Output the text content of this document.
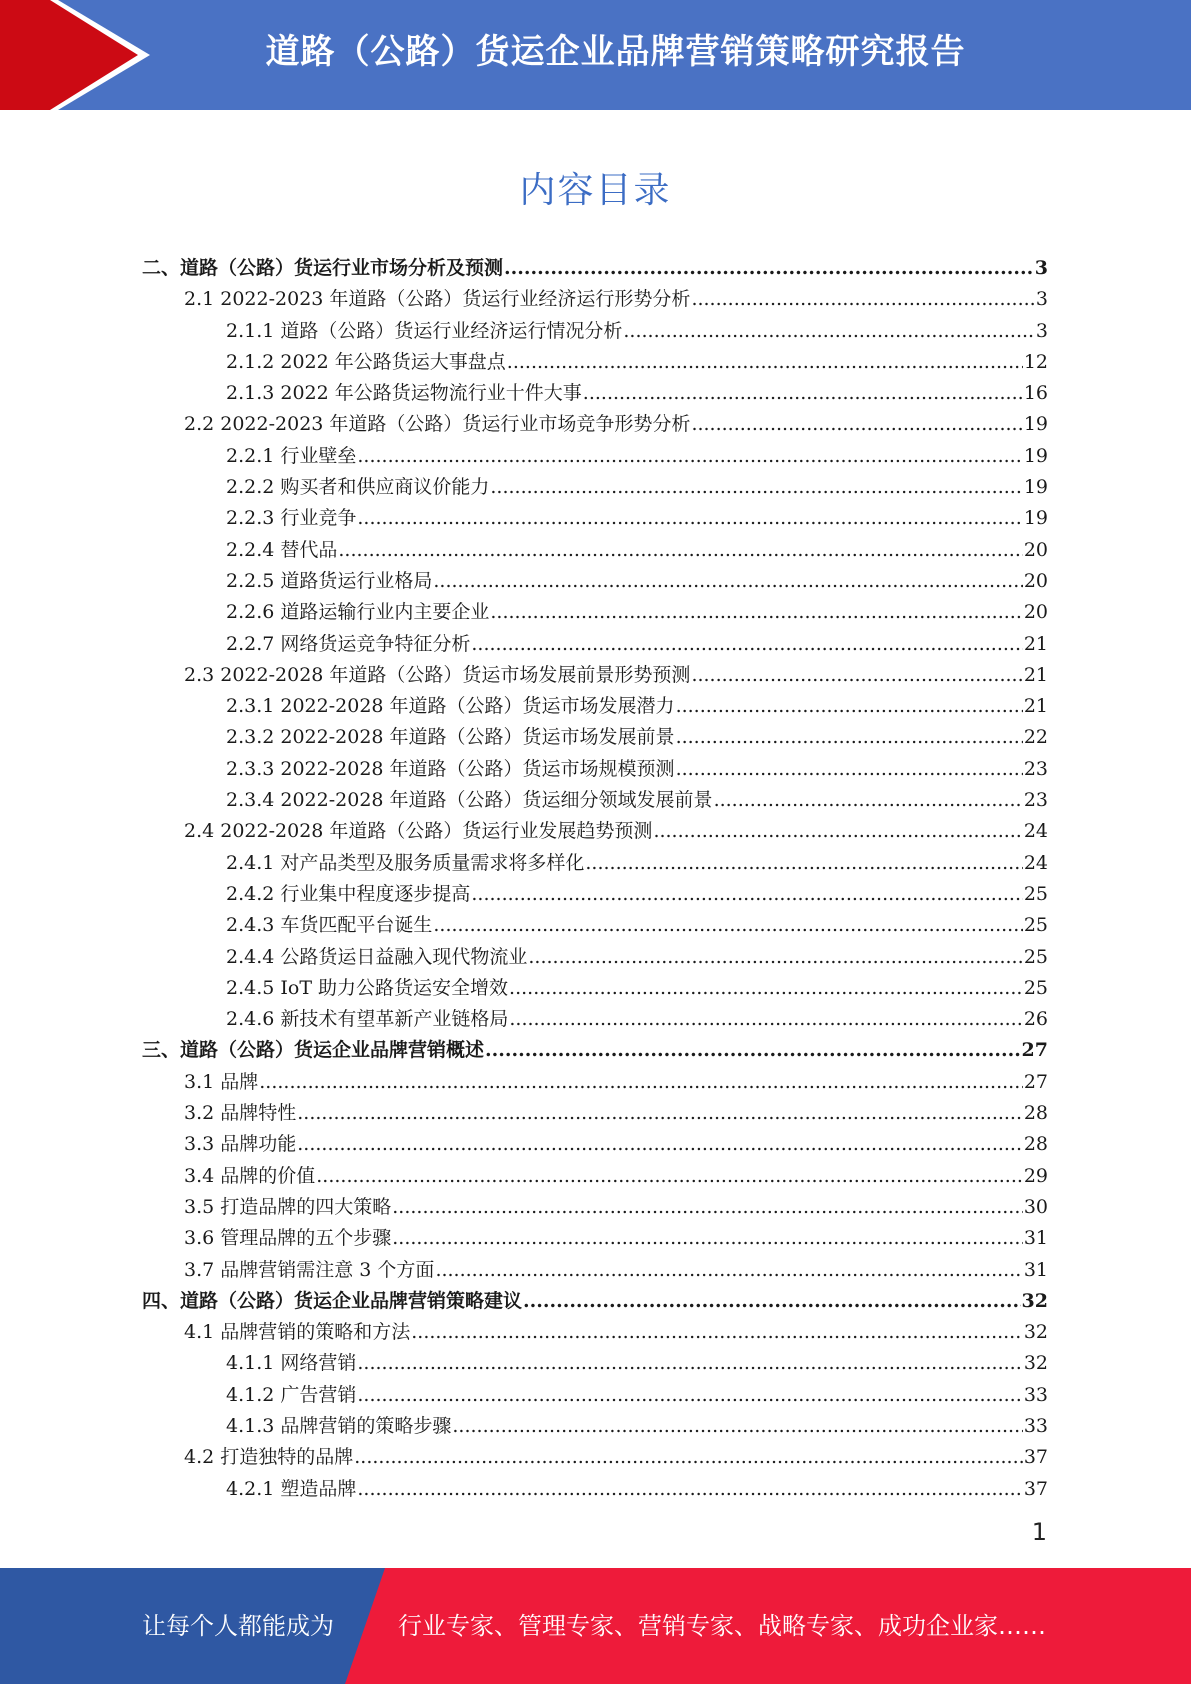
道路（公路）货运企业品牌营销策略研究报告
内容目录
二、道路（公路）货运行业市场分析及预测 .....	3
2.1 2022-2023 年道路（公路）货运行业经济运行形势分析 .....	3
2.1.1 道路（公路）货运行业经济运行情况分析 .....	3
2.1.2 2022 年公路货运大事盘点 .....	12
2.1.3 2022 年公路货运物流行业十件大事 .....	16
2.2 2022-2023 年道路（公路）货运行业市场竞争形势分析 .....	19
2.2.1 行业壁垒 .....	19
2.2.2 购买者和供应商议价能力 .....	19
2.2.3 行业竞争 .....	19
2.2.4 替代品 .....	20
2.2.5 道路货运行业格局 .....	20
2.2.6 道路运输行业内主要企业 .....	20
2.2.7 网络货运竞争特征分析 .....	21
2.3 2022-2028 年道路（公路）货运市场发展前景形势预测 .....	21
2.3.1 2022-2028 年道路（公路）货运市场发展潜力 .....	21
2.3.2 2022-2028 年道路（公路）货运市场发展前景 .....	22
2.3.3 2022-2028 年道路（公路）货运市场规模预测 .....	23
2.3.4 2022-2028 年道路（公路）货运细分领域发展前景 .....	23
2.4 2022-2028 年道路（公路）货运行业发展趋势预测 .....	24
2.4.1 对产品类型及服务质量需求将多样化 .....	24
2.4.2 行业集中程度逐步提高 .....	25
2.4.3 车货匹配平台诞生 .....	25
2.4.4 公路货运日益融入现代物流业 .....	25
2.4.5 IoT 助力公路货运安全增效 .....	25
2.4.6 新技术有望革新产业链格局 .....	26
三、道路（公路）货运企业品牌营销概述 .....	27
3.1 品牌 .....	27
3.2 品牌特性 .....	28
3.3 品牌功能 .....	28
3.4 品牌的价值 .....	29
3.5 打造品牌的四大策略 .....	30
3.6 管理品牌的五个步骤 .....	31
3.7 品牌营销需注意 3 个方面 .....	31
四、道路（公路）货运企业品牌营销策略建议 .....	32
4.1 品牌营销的策略和方法 .....	32
4.1.1 网络营销 .....	32
4.1.2 广告营销 .....	33
4.1.3 品牌营销的策略步骤 .....	33
4.2 打造独特的品牌 .....	37
4.2.1 塑造品牌 .....	37
1
让每个人都能成为	行业专家、管理专家、营销专家、战略专家、成功企业家……
